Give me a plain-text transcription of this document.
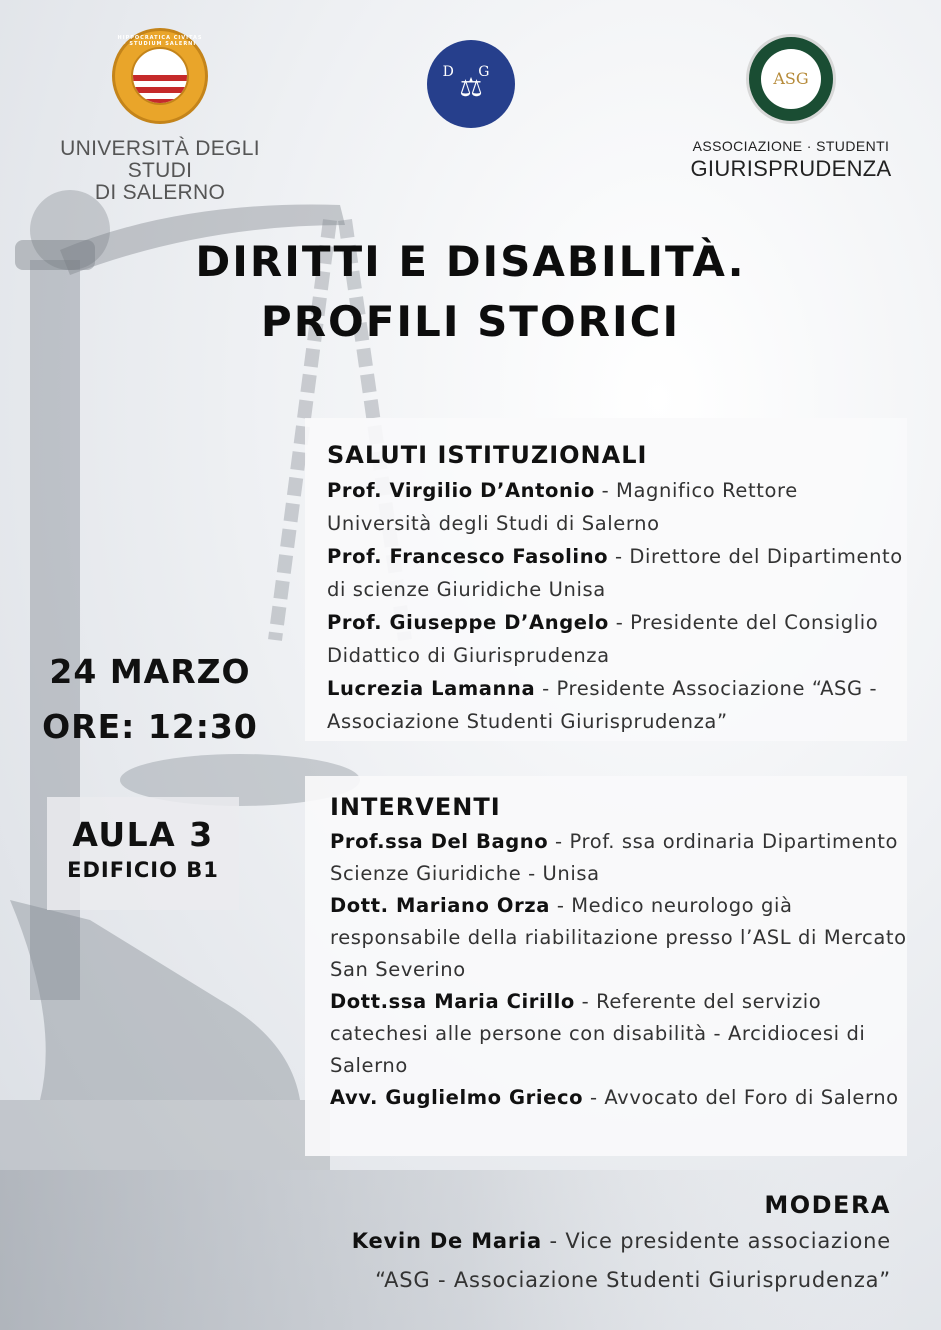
HIPPOCRATICA CIVITAS · STUDIUM SALERNI
UNIVERSITÀ DEGLI STUDI
DI SALERNO
D G
⚖	ASG
ASSOCIAZIONE · STUDENTI
GIURISPRUDENZA
DIRITTI E DISABILITÀ.
PROFILI STORICI
24 MARZO
ORE: 12:30
AULA 3
EDIFICIO B1
SALUTI ISTITUZIONALI
Prof. Virgilio D’Antonio - Magnifico Rettore Università degli Studi di Salerno
Prof. Francesco Fasolino - Direttore del Dipartimento di scienze Giuridiche Unisa
Prof. Giuseppe D’Angelo - Presidente del Consiglio Didattico di Giurisprudenza
Lucrezia Lamanna - Presidente Associazione “ASG - Associazione Studenti Giurisprudenza”
INTERVENTI
Prof.ssa Del Bagno - Prof. ssa ordinaria Dipartimento Scienze Giuridiche - Unisa
Dott. Mariano Orza - Medico neurologo già responsabile della riabilitazione presso l’ASL di Mercato San Severino
Dott.ssa Maria Cirillo - Referente del servizio catechesi alle persone con disabilità - Arcidiocesi di Salerno
Avv. Guglielmo Grieco - Avvocato del Foro di Salerno
MODERA

Kevin De Maria - Vice presidente associazione

“ASG - Associazione Studenti Giurisprudenza”
